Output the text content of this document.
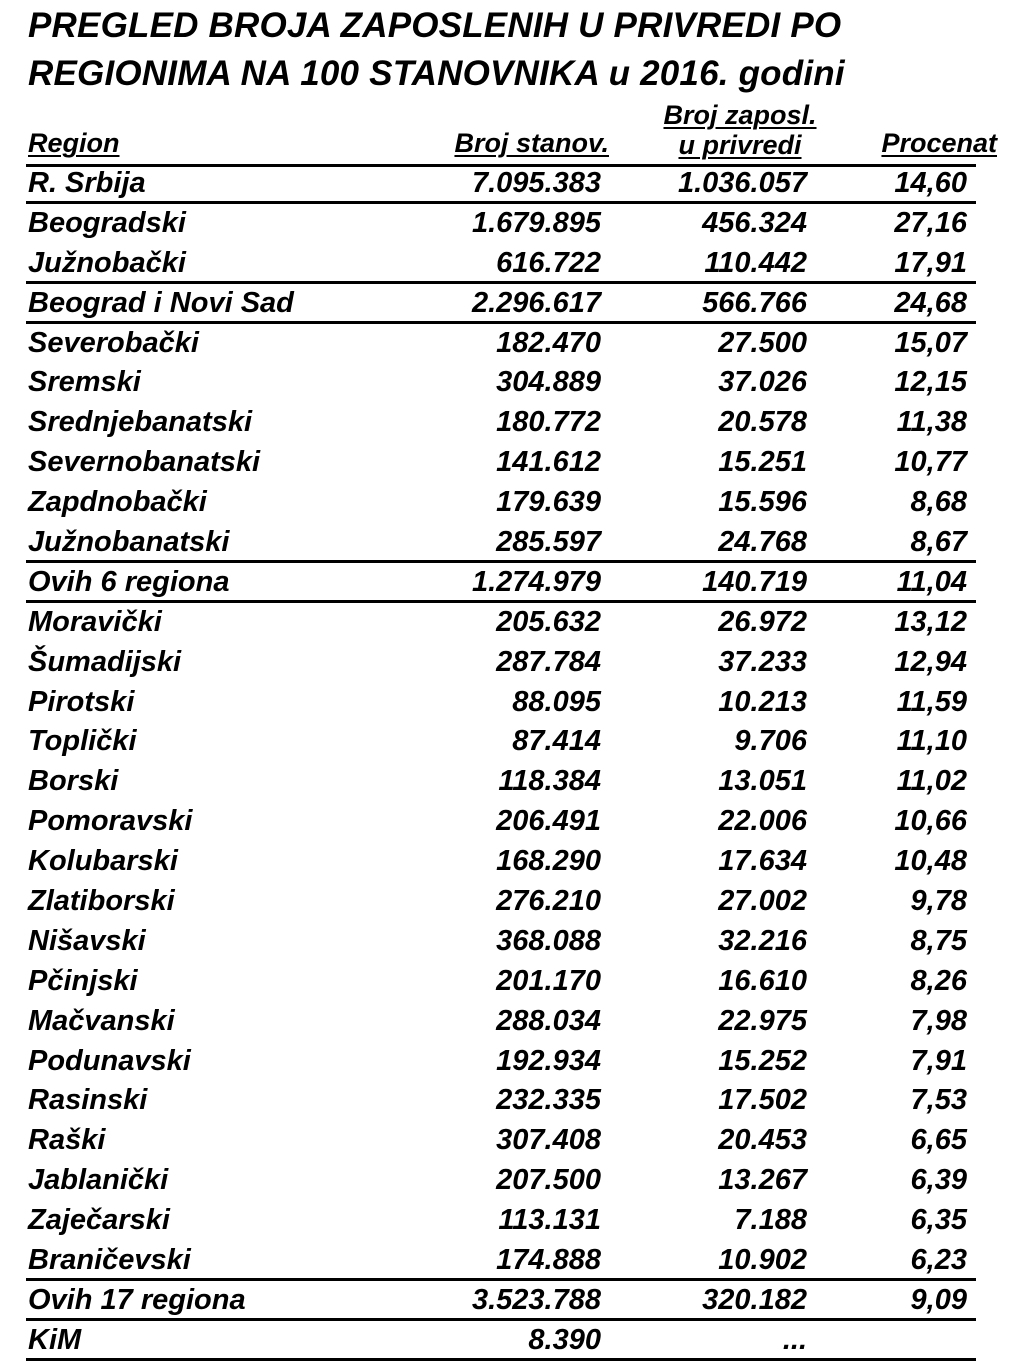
PREGLED BROJA ZAPOSLENIH U PRIVREDI PO
REGIONIMA NA 100 STANOVNIKA u 2016. godini
Region	Broj stanov.
Broj zaposl.
u privredi	Procenat
R. Srbija	7.095.383	1.036.057	14,60
Beogradski	1.679.895	456.324	27,16
Južnobački	616.722	110.442	17,91
Beograd i Novi Sad	2.296.617	566.766	24,68
Severobački	182.470	27.500	15,07
Sremski	304.889	37.026	12,15
Srednjebanatski	180.772	20.578	11,38
Severnobanatski	141.612	15.251	10,77
Zapdnobački	179.639	15.596	8,68
Južnobanatski	285.597	24.768	8,67
Ovih 6 regiona	1.274.979	140.719	11,04
Moravički	205.632	26.972	13,12
Šumadijski	287.784	37.233	12,94
Pirotski	88.095	10.213	11,59
Toplički	87.414	9.706	11,10
Borski	118.384	13.051	11,02
Pomoravski	206.491	22.006	10,66
Kolubarski	168.290	17.634	10,48
Zlatiborski	276.210	27.002	9,78
Nišavski	368.088	32.216	8,75
Pčinjski	201.170	16.610	8,26
Mačvanski	288.034	22.975	7,98
Podunavski	192.934	15.252	7,91
Rasinski	232.335	17.502	7,53
Raški	307.408	20.453	6,65
Jablanički	207.500	13.267	6,39
Zaječarski	113.131	7.188	6,35
Braničevski	174.888	10.902	6,23
Ovih 17 regiona	3.523.788	320.182	9,09
KiM	8.390	...
